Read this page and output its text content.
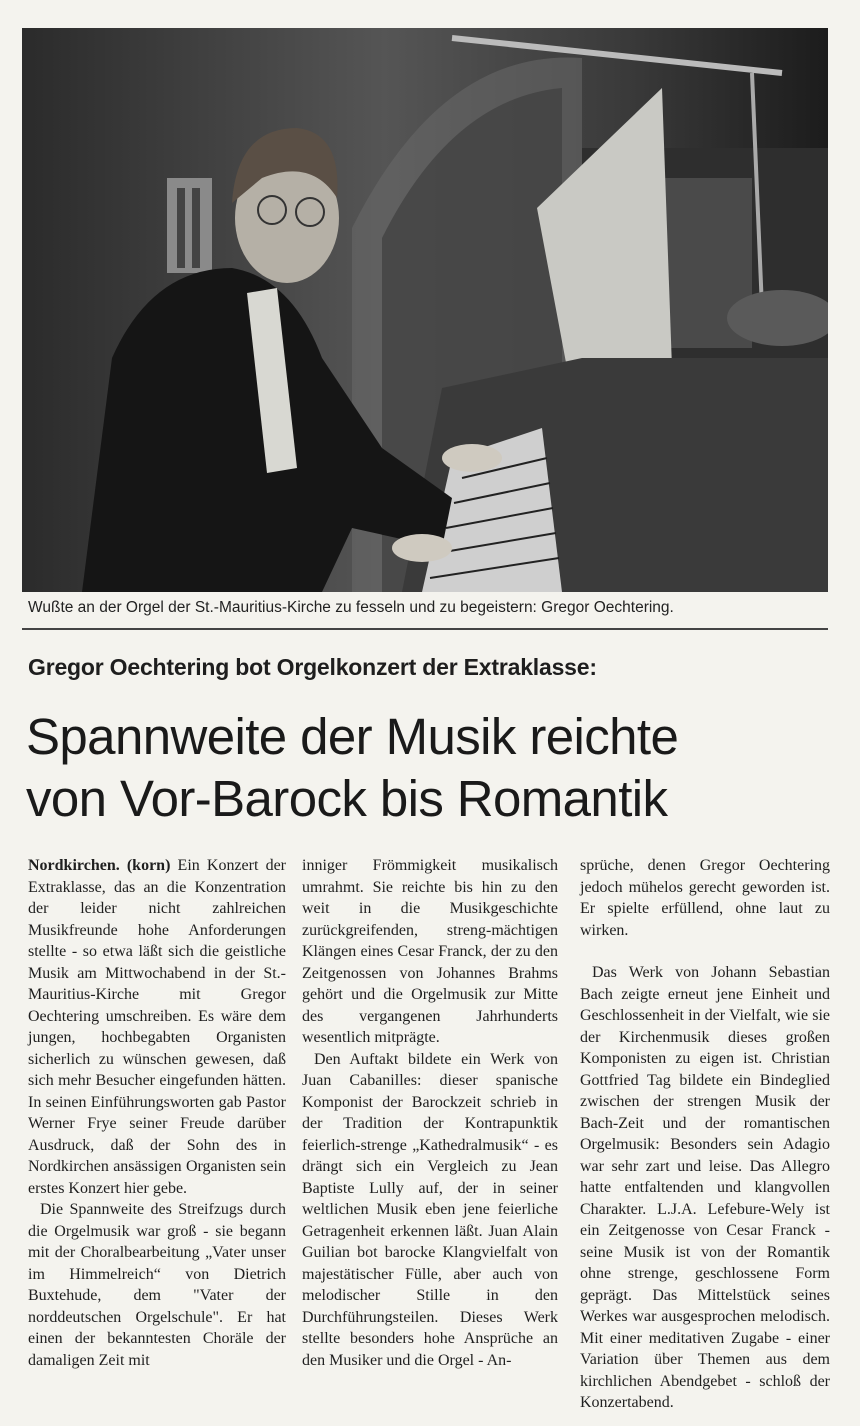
Wußte an der Orgel der St.-Mauritius-Kirche zu fesseln und zu begeistern: Gregor Oechtering.
Gregor Oechtering bot Orgelkonzert der Extraklasse:
Spannweite der Musik reichte
von Vor-Barock bis Romantik

Nordkirchen. (korn) Ein Konzert der Extraklasse, das an die Konzentration der leider nicht zahlreichen Musikfreunde hohe Anforderungen stellte - so etwa läßt sich die geistliche Musik am Mittwochabend in der St.-Mauritius-Kirche mit Gregor Oechtering umschreiben. Es wäre dem jungen, hochbegabten Organisten sicherlich zu wünschen gewesen, daß sich mehr Besucher eingefunden hätten. In seinen Einführungsworten gab Pastor Werner Frye seiner Freude darüber Ausdruck, daß der Sohn des in Nordkirchen ansässigen Organisten sein erstes Konzert hier gebe.

Die Spannweite des Streifzugs durch die Orgelmusik war groß - sie begann mit der Choralbearbeitung „Vater unser im Himmelreich“ von Dietrich Buxtehude, dem "Vater der norddeutschen Orgelschule". Er hat einen der bekanntesten Choräle der damaligen Zeit mit

inniger Frömmigkeit musikalisch umrahmt. Sie reichte bis hin zu den weit in die Musikgeschichte zurückgreifenden, streng-mächtigen Klängen eines Cesar Franck, der zu den Zeitgenossen von Johannes Brahms gehört und die Orgelmusik zur Mitte des vergangenen Jahrhunderts wesentlich mitprägte.

Den Auftakt bildete ein Werk von Juan Cabanilles: dieser spanische Komponist der Barockzeit schrieb in der Tradition der Kontrapunktik feierlich-strenge „Kathedralmusik“ - es drängt sich ein Vergleich zu Jean Baptiste Lully auf, der in seiner weltlichen Musik eben jene feierliche Getragenheit erkennen läßt. Juan Alain Guilian bot barocke Klangvielfalt von majestätischer Fülle, aber auch von melodischer Stille in den Durchführungsteilen. Dieses Werk stellte besonders hohe Ansprüche an den Musiker und die Orgel - An-

sprüche, denen Gregor Oechtering jedoch mühelos gerecht geworden ist. Er spielte erfüllend, ohne laut zu wirken.

Das Werk von Johann Sebastian Bach zeigte erneut jene Einheit und Geschlossenheit in der Vielfalt, wie sie der Kirchenmusik dieses großen Komponisten zu eigen ist. Christian Gottfried Tag bildete ein Bindeglied zwischen der strengen Musik der Bach-Zeit und der romantischen Orgelmusik: Besonders sein Adagio war sehr zart und leise. Das Allegro hatte entfaltenden und klangvollen Charakter. L.J.A. Lefebure-Wely ist ein Zeitgenosse von Cesar Franck - seine Musik ist von der Romantik ohne strenge, geschlossene Form geprägt. Das Mittelstück seines Werkes war ausgesprochen melodisch. Mit einer meditativen Zugabe - einer Variation über Themen aus dem kirchlichen Abendgebet - schloß der Konzertabend.
